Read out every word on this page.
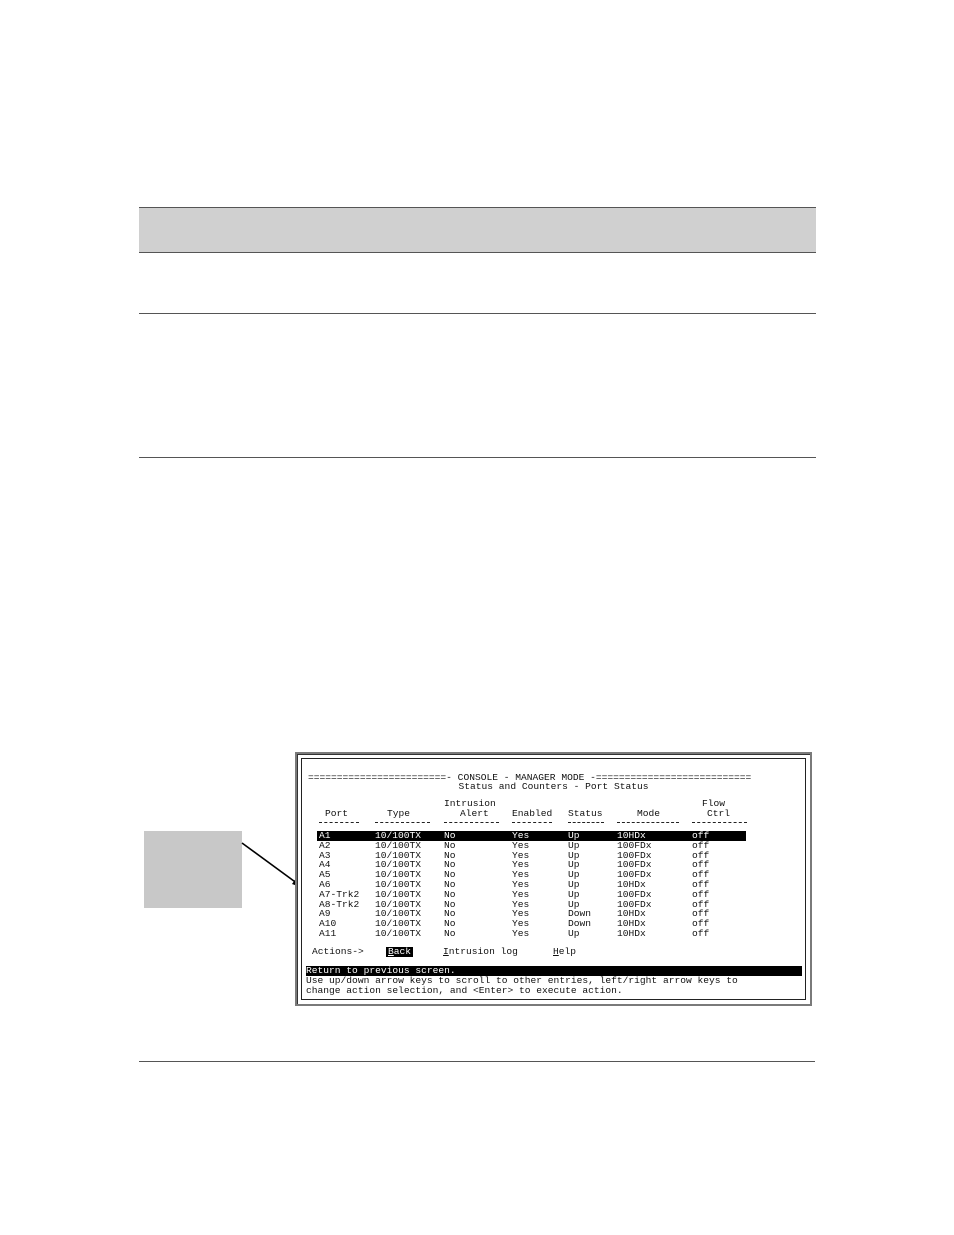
========================- CONSOLE - MANAGER MODE -===========================
Status and Counters - Port Status
Intrusion	Flow
Port	Type	Alert Enabled Status	Mode	Ctrl
A1	10/100TX No	Yes	Up	10HDx	off
A2	10/100TX No	Yes	Up	100FDx	off
A3	10/100TX No	Yes	Up	100FDx	off
A4	10/100TX No	Yes	Up	100FDx	off
A5	10/100TX No	Yes	Up	100FDx	off
A6	10/100TX No	Yes	Up	10HDx	off
A7-Trk2 10/100TX No	Yes	Up	100FDx	off
A8-Trk2 10/100TX No	Yes	Up	100FDx	off
A9	10/100TX No	Yes	Down	10HDx	off
A10	10/100TX No	Yes	Down	10HDx	off
A11	10/100TX No	Yes	Up	10HDx	off
Actions->	Back	Intrusion log	Help
Return to previous screen.
Use up/down arrow keys to scroll to other entries, left/right arrow keys to
change action selection, and <Enter> to execute action.
